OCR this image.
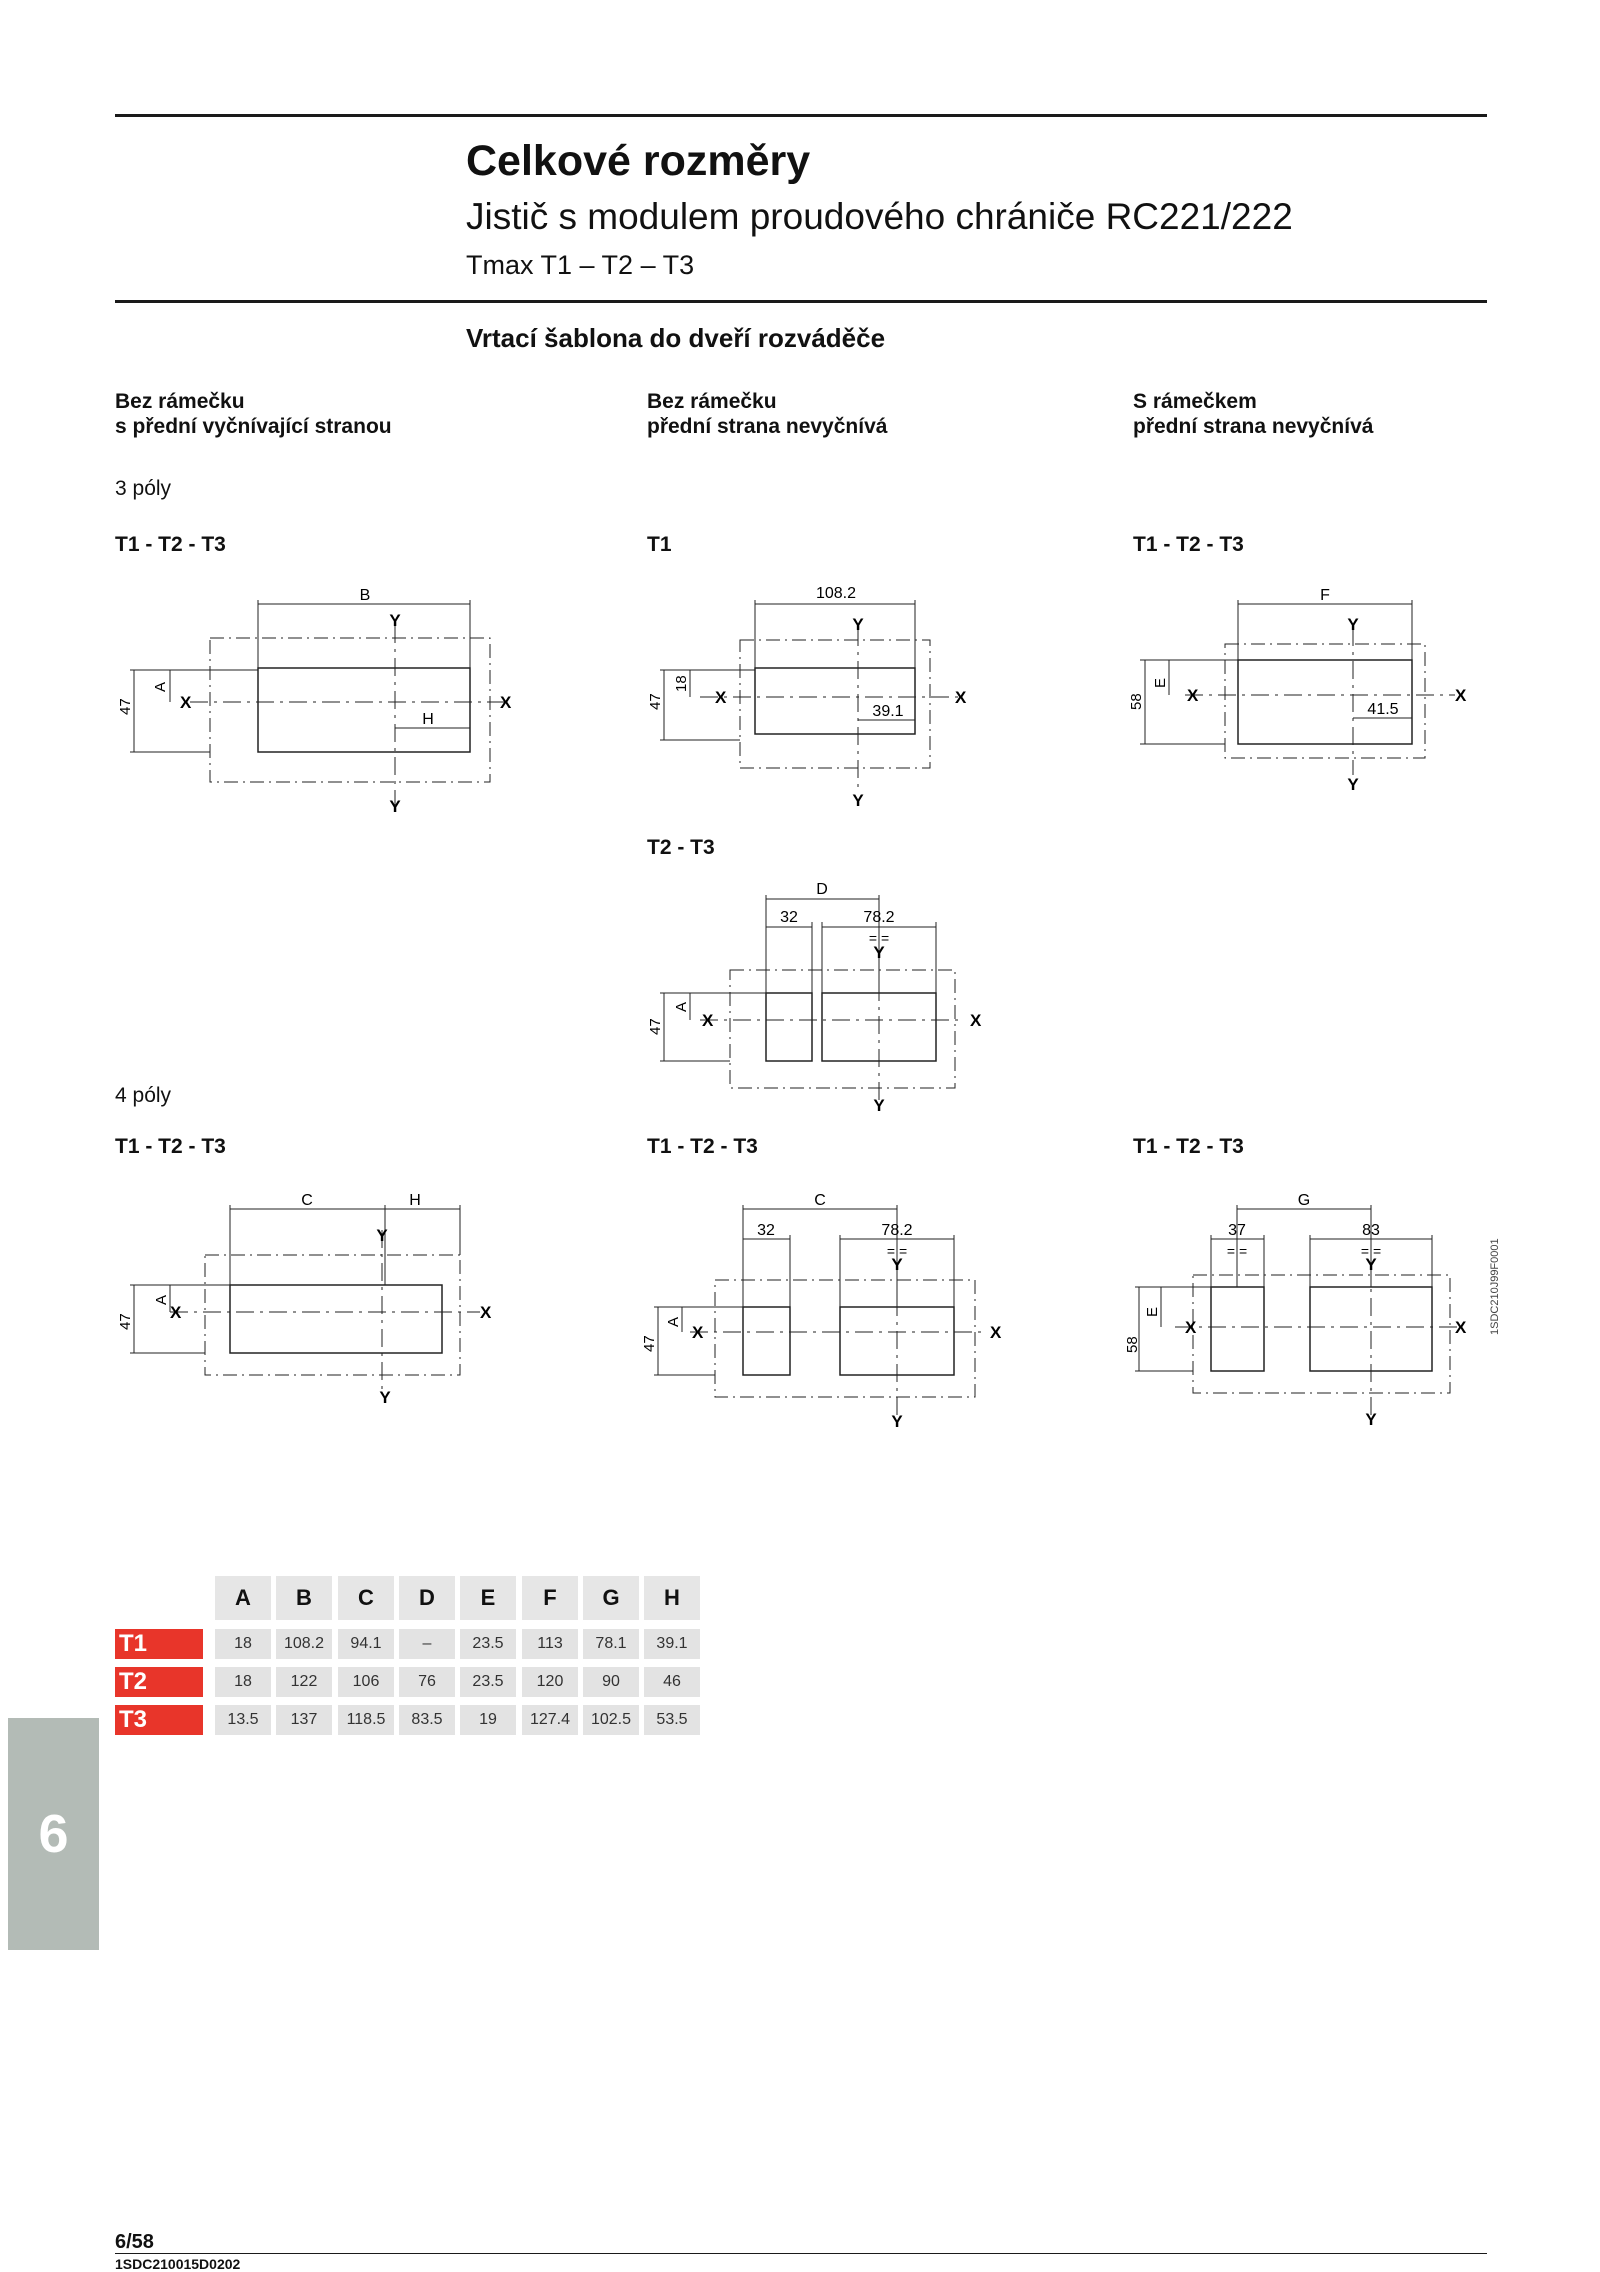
Celkové rozměry
Jistič s modulem proudového chrániče RC221/222
Tmax T1 – T2 – T3
Vrtací šablona do dveří rozváděče
Bez rámečku
s přední vyčnívající stranou
Bez rámečku
přední strana nevyčnívá
S rámečkem
přední strana nevyčnívá
3 póly
T1 - T2 - T3	T1	T1 - T2 - T3
T2 - T3
4 póly
T1 - T2 - T3	T1 - T2 - T3	T1 - T2 - T3
B
47
A
H
X	X
Y
Y
108.2
47
18
39.1
X	X
Y
Y
F
58
E
41.5
X	X
Y
Y
D
32	78.2
= =
47
A
X	X
Y
Y
C	H
47
A
X	X
Y
Y
C
32	78.2
= =
47
A
X	X
Y
Y
G
37	83
= =	= =
58
E
X	X
Y
Y
1SDC210J99F0001
A	B	C	D	E	F	G	H
T1	18	108.2	94.1	–	23.5	113	78.1	39.1
T2	18	122	106	76	23.5	120	90	46
T3	13.5	137	118.5	83.5	19	127.4	102.5	53.5
6
6/58
1SDC210015D0202
